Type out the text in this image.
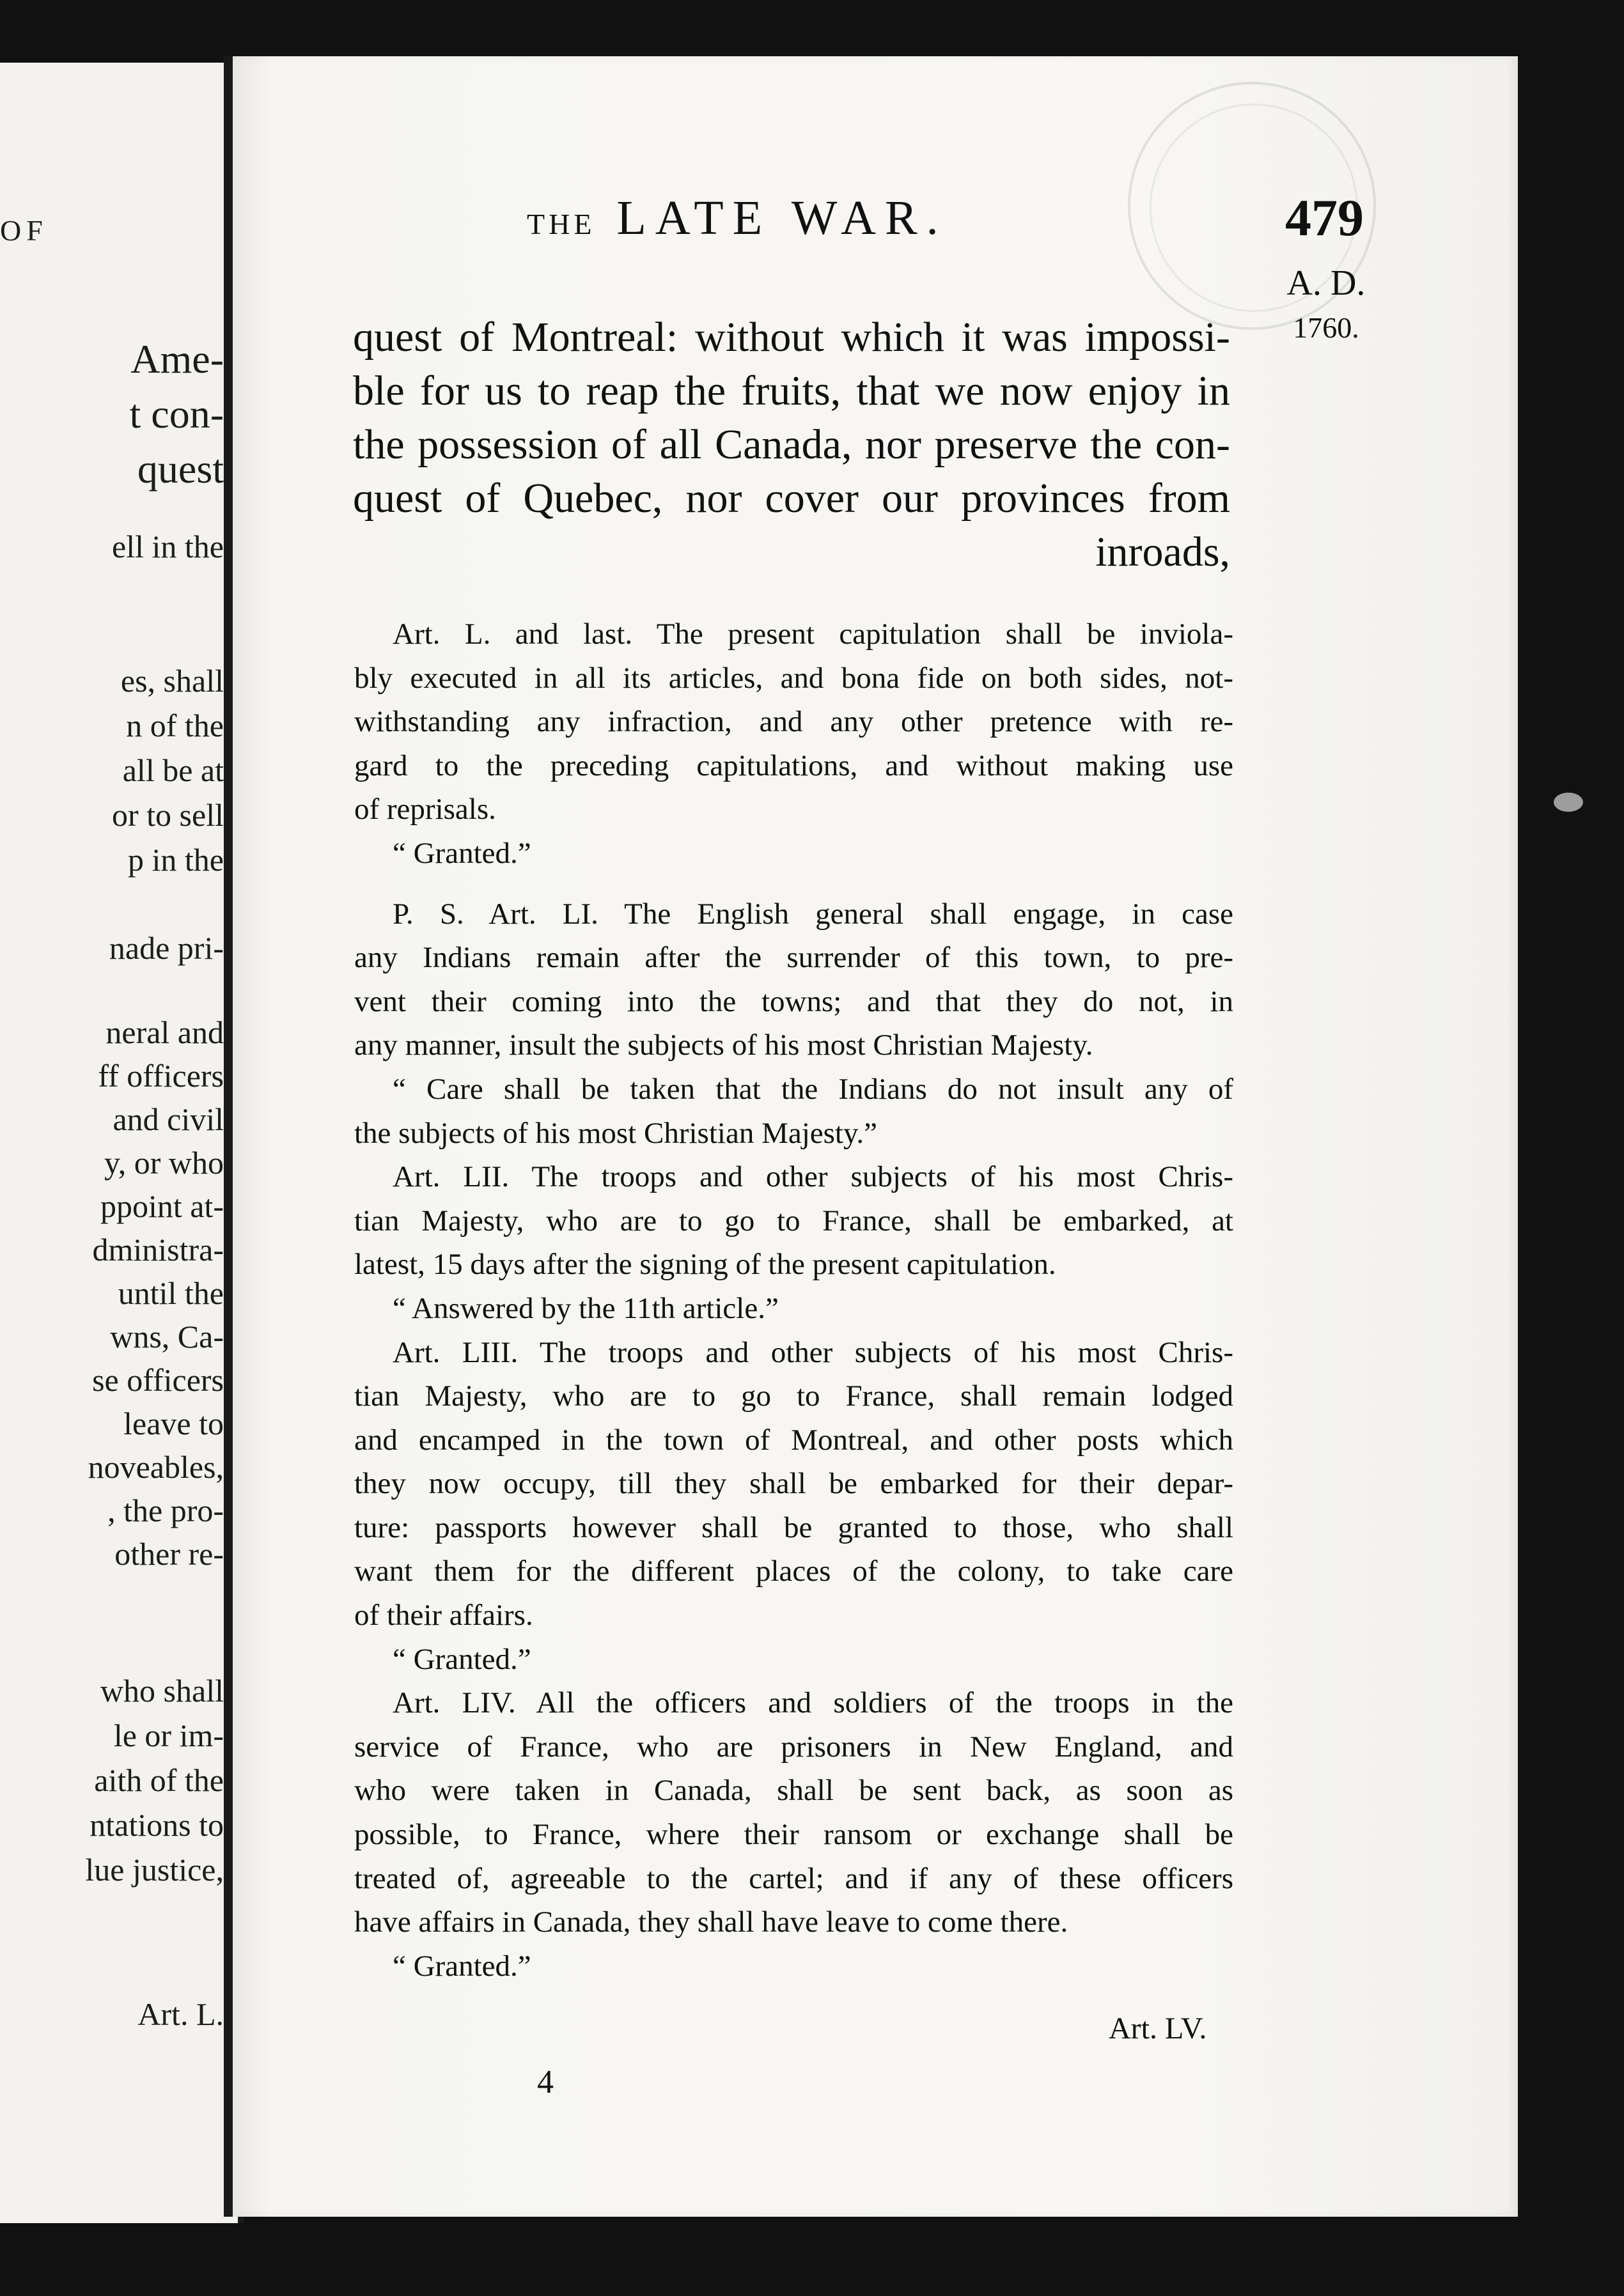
OF
Ame-
t con-
quest
ell in the
es, shall
n of the
all be at
or to sell
p in the
nade pri-
neral and
ff officers
and civil
y, or who
ppoint at-
dministra-
until the
wns, Ca-
se officers
leave to
noveables,
, the pro-
other re-
who shall
le or im-
aith of the
ntations to
lue justice,
Art. L.
THE LATE WAR.	479
A. D.
1760.
quest of Montreal: without which it was impossi-
ble for us to reap the fruits, that we now enjoy in
the possession of all Canada, nor preserve the con-
quest of Quebec, nor cover our provinces from
inroads,
Art. L. and last. The present capitulation shall be inviola-
bly executed in all its articles, and bona fide on both sides, not-
withstanding any infraction, and any other pretence with re-
gard to the preceding capitulations, and without making use
of reprisals.
“ Granted.”
P. S. Art. LI. The English general shall engage, in case
any Indians remain after the surrender of this town, to pre-
vent their coming into the towns; and that they do not, in
any manner, insult the subjects of his most Christian Majesty.
“ Care shall be taken that the Indians do not insult any of
the subjects of his most Christian Majesty.”
Art. LII. The troops and other subjects of his most Chris-
tian Majesty, who are to go to France, shall be embarked, at
latest, 15 days after the signing of the present capitulation.
“ Answered by the 11th article.”
Art. LIII. The troops and other subjects of his most Chris-
tian Majesty, who are to go to France, shall remain lodged
and encamped in the town of Montreal, and other posts which
they now occupy, till they shall be embarked for their depar-
ture: passports however shall be granted to those, who shall
want them for the different places of the colony, to take care
of their affairs.
“ Granted.”
Art. LIV. All the officers and soldiers of the troops in the
service of France, who are prisoners in New England, and
who were taken in Canada, shall be sent back, as soon as
possible, to France, where their ransom or exchange shall be
treated of, agreeable to the cartel; and if any of these officers
have affairs in Canada, they shall have leave to come there.
“ Granted.”
Art. LV.
4
